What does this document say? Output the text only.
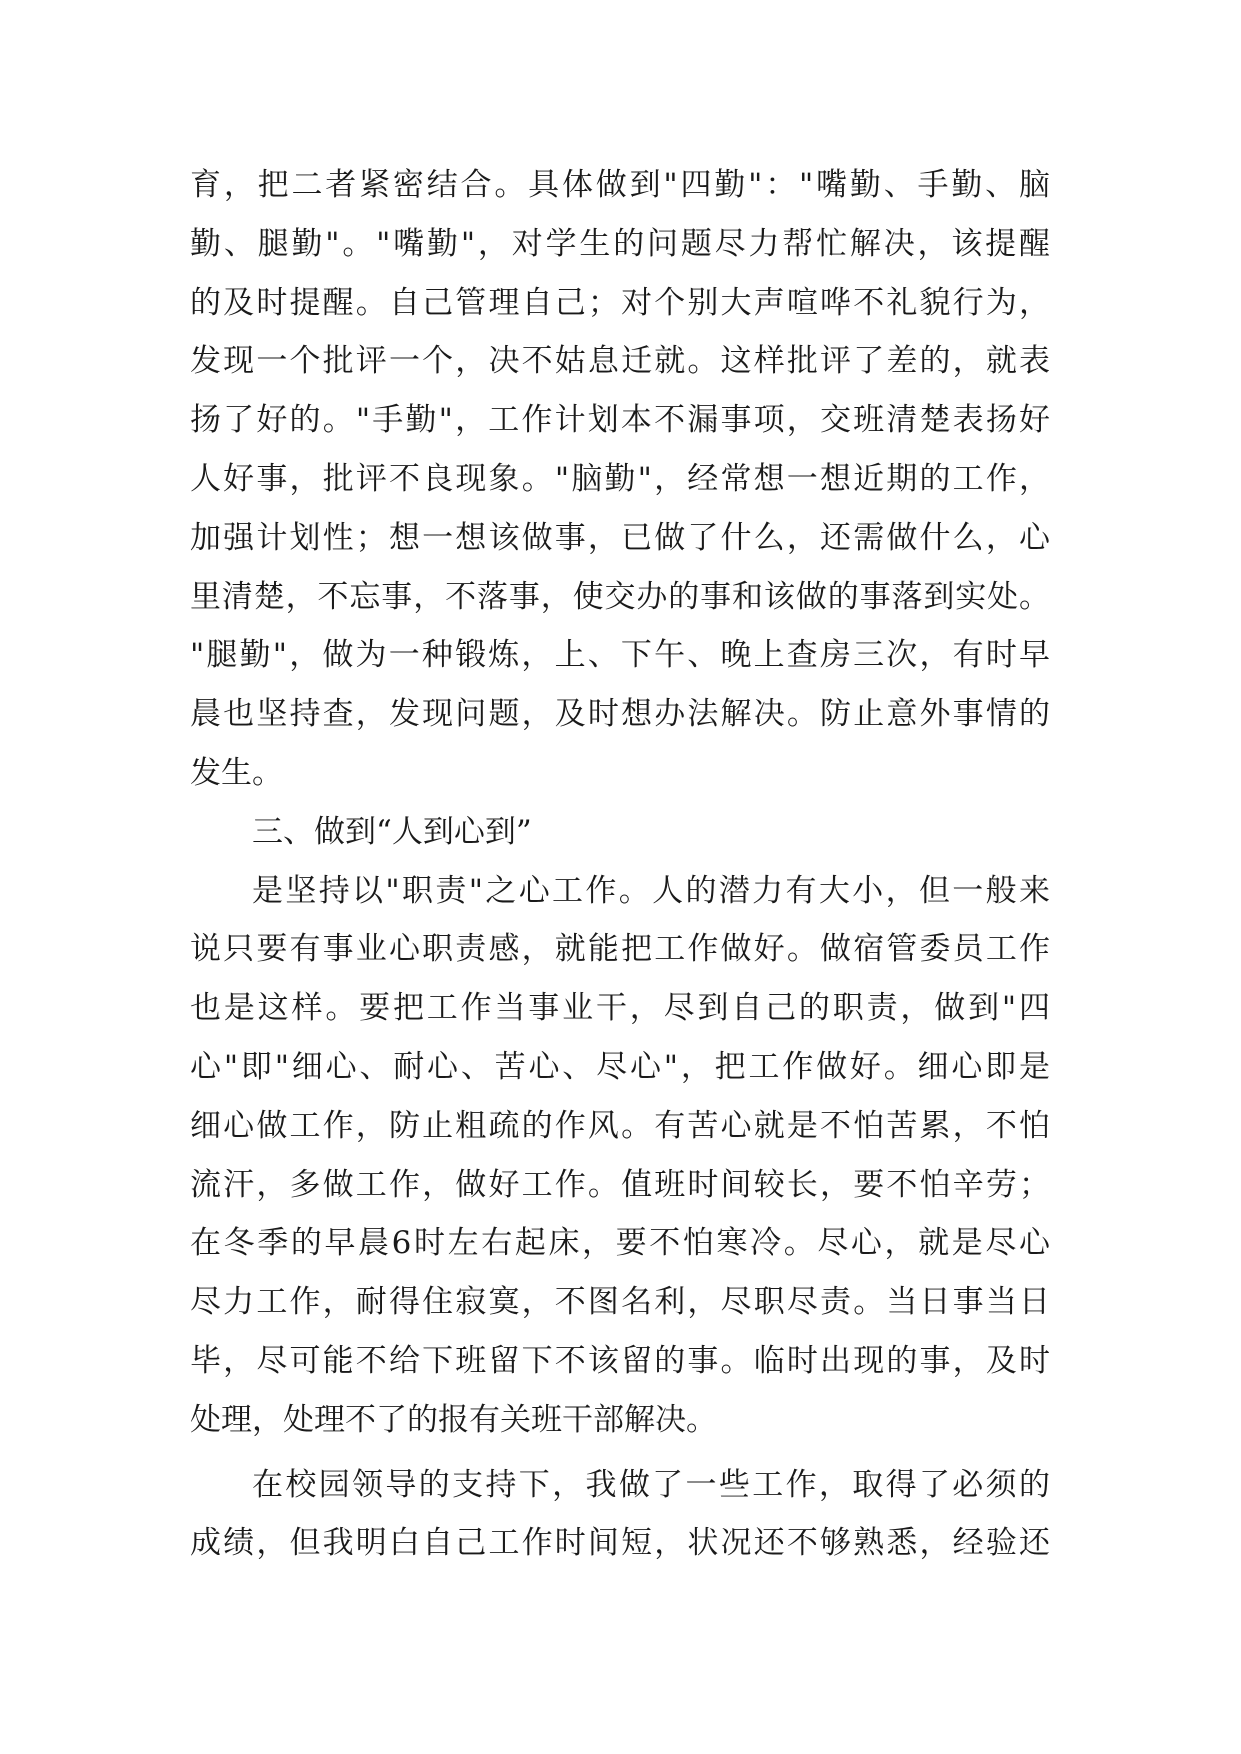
育，把二者紧密结合。具体做到"四勤"："嘴勤、手勤、脑
勤、腿勤"。"嘴勤"，对学生的问题尽力帮忙解决，该提醒
的及时提醒。自己管理自己；对个别大声喧哗不礼貌行为，
发现一个批评一个，决不姑息迁就。这样批评了差的，就表
扬了好的。"手勤"，工作计划本不漏事项，交班清楚表扬好
人好事，批评不良现象。"脑勤"，经常想一想近期的工作，
加强计划性；想一想该做事，已做了什么，还需做什么，心
里清楚，不忘事，不落事，使交办的事和该做的事落到实处。
"腿勤"，做为一种锻炼，上、下午、晚上查房三次，有时早
晨也坚持查，发现问题，及时想办法解决。防止意外事情的
发生。
三、做到“人到心到”
是坚持以"职责"之心工作。人的潜力有大小，但一般来
说只要有事业心职责感，就能把工作做好。做宿管委员工作
也是这样。要把工作当事业干，尽到自己的职责，做到"四
心"即"细心、耐心、苦心、尽心"，把工作做好。细心即是
细心做工作，防止粗疏的作风。有苦心就是不怕苦累，不怕
流汗，多做工作，做好工作。值班时间较长，要不怕辛劳；
在冬季的早晨6时左右起床，要不怕寒冷。尽心，就是尽心
尽力工作，耐得住寂寞，不图名利，尽职尽责。当日事当日
毕，尽可能不给下班留下不该留的事。临时出现的事，及时
处理，处理不了的报有关班干部解决。
在校园领导的支持下，我做了一些工作，取得了必须的
成绩，但我明白自己工作时间短，状况还不够熟悉，经验还
